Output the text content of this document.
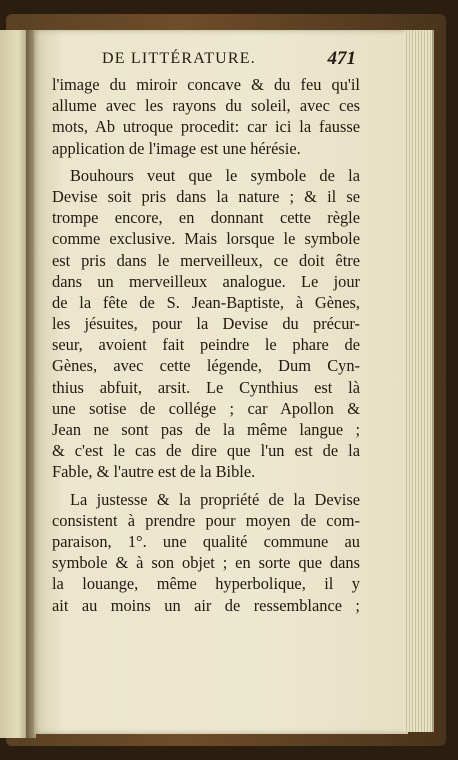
DE LITTÉRATURE.	471
l'image du miroir concave & du feu qu'il
allume avec les rayons du soleil, avec ces
mots, Ab utroque procedit: car ici la fausse
application de l'image est une hérésie.
Bouhours veut que le symbole de la
Devise soit pris dans la nature ; & il se
trompe encore, en donnant cette règle
comme exclusive. Mais lorsque le symbole
est pris dans le merveilleux, ce doit être
dans un merveilleux analogue. Le jour
de la fête de S. Jean-Baptiste, à Gènes,
les jésuites, pour la Devise du précur-
seur, avoient fait peindre le phare de
Gènes, avec cette légende, Dum Cyn-
thius abfuit, arsit. Le Cynthius est là
une sotise de collége ; car Apollon &
Jean ne sont pas de la même langue ;
& c'est le cas de dire que l'un est de la
Fable, & l'autre est de la Bible.
La justesse & la propriété de la Devise
consistent à prendre pour moyen de com-
paraison, 1°. une qualité commune au
symbole & à son objet ; en sorte que dans
la louange, même hyperbolique, il y
ait au moins un air de ressemblance ;
